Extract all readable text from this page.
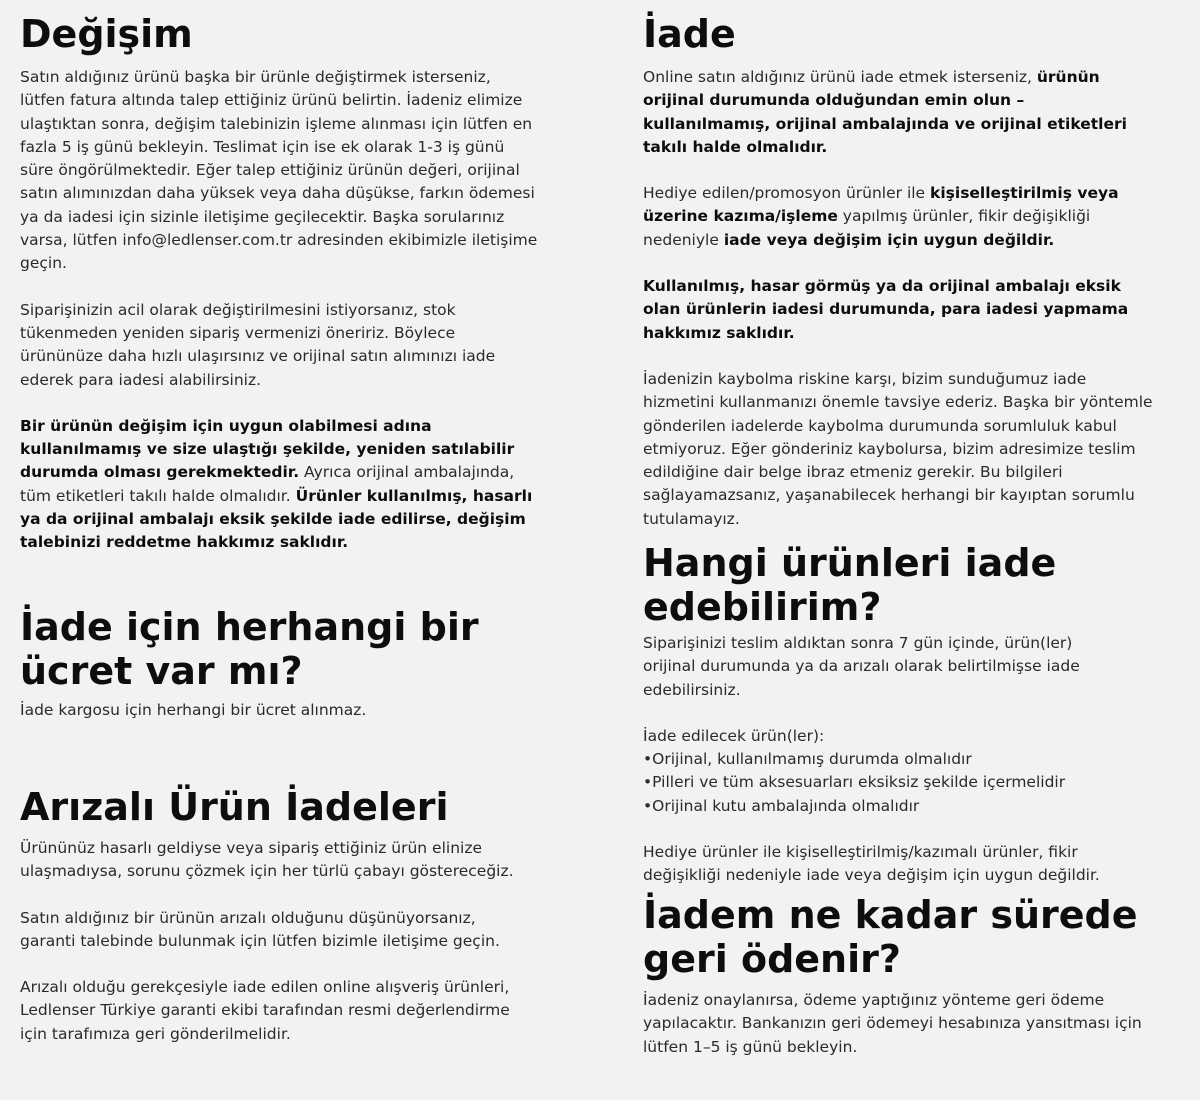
Değişim

Satın aldığınız ürünü başka bir ürünle değiştirmek isterseniz, lütfen fatura altında talep ettiğiniz ürünü belirtin. İadeniz elimize ulaştıktan sonra, değişim talebinizin işleme alınması için lütfen en fazla 5 iş günü bekleyin. Teslimat için ise ek olarak 1-3 iş günü süre öngörülmektedir. Eğer talep ettiğiniz ürünün değeri, orijinal satın alımınızdan daha yüksek veya daha düşükse, farkın ödemesi ya da iadesi için sizinle iletişime geçilecektir. Başka sorularınız varsa, lütfen info@ledlenser.com.tr adresinden ekibimizle iletişime geçin.

Siparişinizin acil olarak değiştirilmesini istiyorsanız, stok tükenmeden yeniden sipariş vermenizi öneririz. Böylece ürününüze daha hızlı ulaşırsınız ve orijinal satın alımınızı iade ederek para iadesi alabilirsiniz.

Bir ürünün değişim için uygun olabilmesi adına kullanılmamış ve size ulaştığı şekilde, yeniden satılabilir durumda olması gerekmektedir. Ayrıca orijinal ambalajında, tüm etiketleri takılı halde olmalıdır. Ürünler kullanılmış, hasarlı ya da orijinal ambalajı eksik şekilde iade edilirse, değişim talebinizi reddetme hakkımız saklıdır.

İade için herhangi bir ücret var mı?

İade kargosu için herhangi bir ücret alınmaz.

Arızalı Ürün İadeleri

Ürününüz hasarlı geldiyse veya sipariş ettiğiniz ürün elinize ulaşmadıysa, sorunu çözmek için her türlü çabayı göstereceğiz.

Satın aldığınız bir ürünün arızalı olduğunu düşünüyorsanız, garanti talebinde bulunmak için lütfen bizimle iletişime geçin.

Arızalı olduğu gerekçesiyle iade edilen online alışveriş ürünleri, Ledlenser Türkiye garanti ekibi tarafından resmi değerlendirme için tarafımıza geri gönderilmelidir.

İade

Online satın aldığınız ürünü iade etmek isterseniz, ürünün orijinal durumunda olduğundan emin olun – kullanılmamış, orijinal ambalajında ve orijinal etiketleri takılı halde olmalıdır.

Hediye edilen/promosyon ürünler ile kişiselleştirilmiş veya üzerine kazıma/işleme yapılmış ürünler, fikir değişikliği nedeniyle iade veya değişim için uygun değildir.

Kullanılmış, hasar görmüş ya da orijinal ambalajı eksik olan ürünlerin iadesi durumunda, para iadesi yapmama hakkımız saklıdır.

İadenizin kaybolma riskine karşı, bizim sunduğumuz iade hizmetini kullanmanızı önemle tavsiye ederiz. Başka bir yöntemle gönderilen iadelerde kaybolma durumunda sorumluluk kabul etmiyoruz. Eğer gönderiniz kaybolursa, bizim adresimize teslim edildiğine dair belge ibraz etmeniz gerekir. Bu bilgileri sağlayamazsanız, yaşanabilecek herhangi bir kayıptan sorumlu tutulamayız.

Hangi ürünleri iade edebilirim?

Siparişinizi teslim aldıktan sonra 7 gün içinde, ürün(ler) orijinal durumunda ya da arızalı olarak belirtilmişse iade edebilirsiniz.

İade edilecek ürün(ler):

•Orijinal, kullanılmamış durumda olmalıdır
•Pilleri ve tüm aksesuarları eksiksiz şekilde içermelidir
•Orijinal kutu ambalajında olmalıdır

Hediye ürünler ile kişiselleştirilmiş/kazımalı ürünler, fikir değişikliği nedeniyle iade veya değişim için uygun değildir.

İadem ne kadar sürede geri ödenir?

İadeniz onaylanırsa, ödeme yaptığınız yönteme geri ödeme yapılacaktır. Bankanızın geri ödemeyi hesabınıza yansıtması için lütfen 1–5 iş günü bekleyin.
